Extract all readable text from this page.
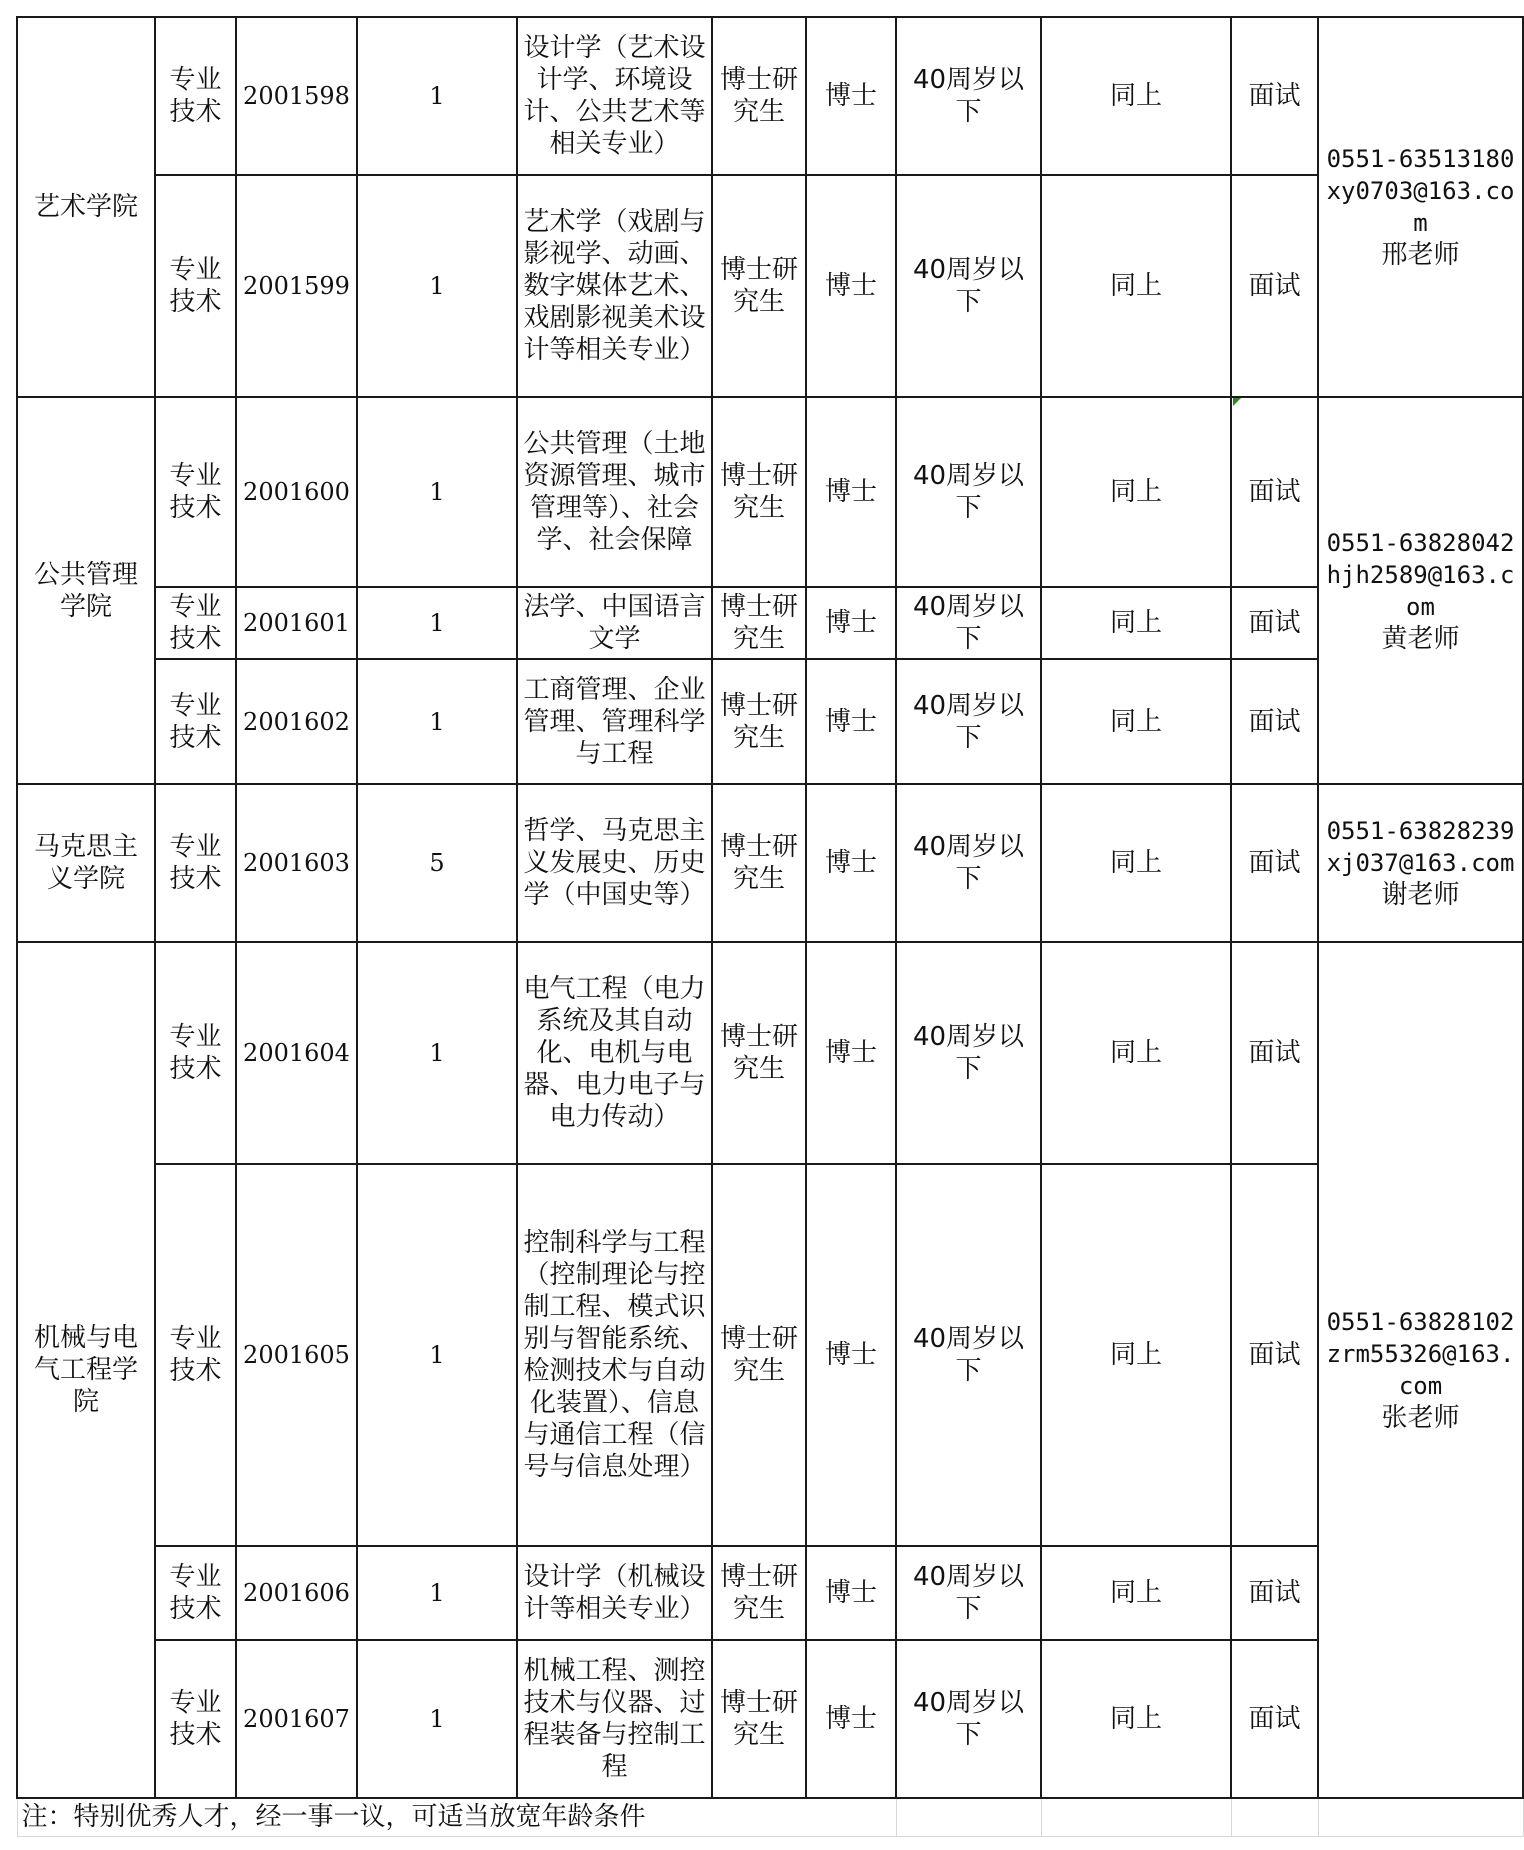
艺术学院	专业技术	2001598	1	设计学（艺术设计学、环境设计、公共艺术等相关专业）	博士研究生	博士	40周岁以下	同上	面试	0551-63513180
xy0703@163.com
邢老师

	专业技术	2001599	1	艺术学（戏剧与影视学、动画、数字媒体艺术、戏剧影视美术设计等相关专业）	博士研究生	博士	40周岁以下	同上	面试	
公共管理学院	专业技术	2001600	1	公共管理（土地资源管理、城市管理等）、社会学、社会保障	博士研究生	博士	40周岁以下	同上	面试	0551-63828042
hjh2589@163.com
黄老师

	专业技术	2001601	1	法学、中国语言文学	博士研究生	博士	40周岁以下	同上	面试	
	专业技术	2001602	1	工商管理、企业管理、管理科学与工程	博士研究生	博士	40周岁以下	同上	面试	
马克思主义学院	专业技术	2001603	5	哲学、马克思主义发展史、历史学（中国史等）	博士研究生	博士	40周岁以下	同上	面试	0551-63828239
xj037@163.com
谢老师

机械与电气工程学院	专业技术	2001604	1	电气工程（电力系统及其自动化、电机与电器、电力电子与电力传动）	博士研究生	博士	40周岁以下	同上	面试	0551-63828102
zrm55326@163.com
张老师

	专业技术	2001605	1	控制科学与工程（控制理论与控制工程、模式识别与智能系统、检测技术与自动化装置）、信息与通信工程（信号与信息处理）	博士研究生	博士	40周岁以下	同上	面试	
	专业技术	2001606	1	设计学（机械设计等相关专业）	博士研究生	博士	40周岁以下	同上	面试	
	专业技术	2001607	1	机械工程、测控技术与仪器、过程装备与控制工程	博士研究生	博士	40周岁以下	同上	面试	
注：特别优秀人才，经一事一议，可适当放宽年龄条件										
